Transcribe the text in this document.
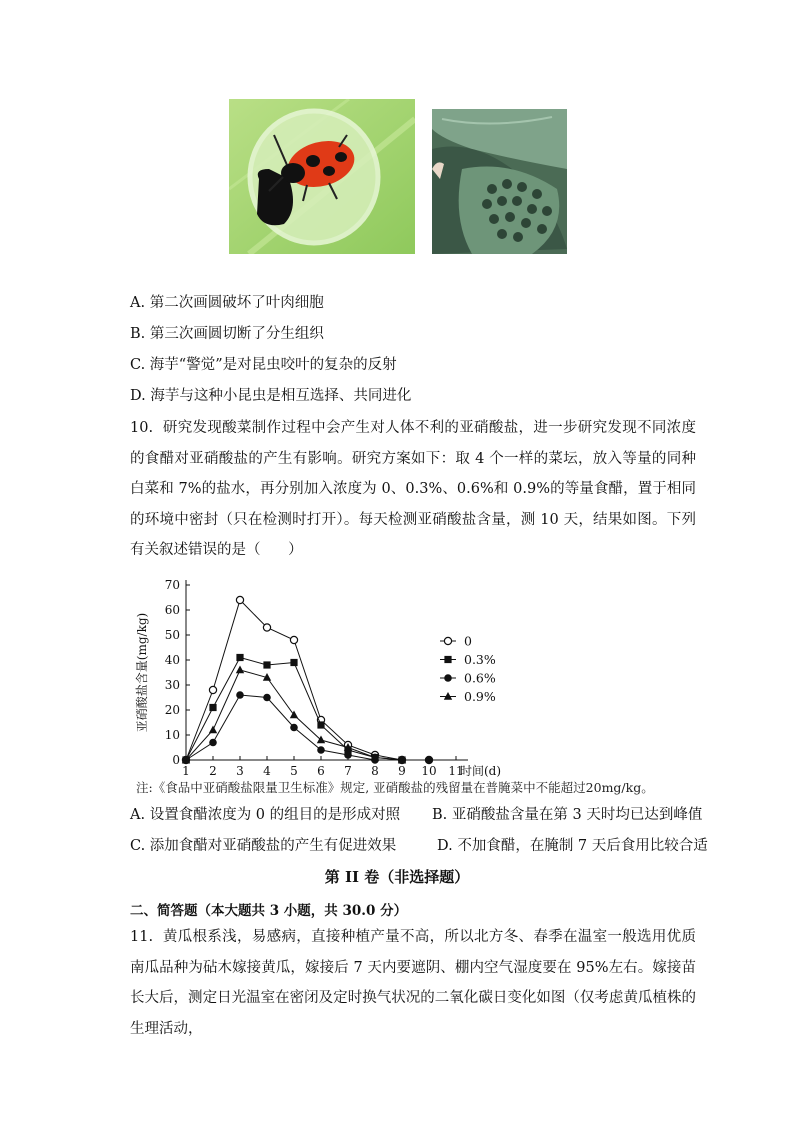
A. 第二次画圆破坏了叶肉细胞
B. 第三次画圆切断了分生组织
C. 海芋“警觉”是对昆虫咬叶的复杂的反射
D. 海芋与这种小昆虫是相互选择、共同进化
10.  研究发现酸菜制作过程中会产生对人体不利的亚硝酸盐，进一步研究发现不同浓度的食醋对亚硝酸盐的产生有影响。研究方案如下：取 4 个一样的菜坛，放入等量的同种白菜和 7%的盐水，再分别加入浓度为 0、0.3%、0.6%和 0.9%的等量食醋，置于相同的环境中密封（只在检测时打开）。每天检测亚硝酸盐含量，测 10 天，结果如图。下列有关叙述错误的是（      ）
0
10
20
30
40
50
60
70
1 2 3 4 5 6 7 8 9 10 11
时间(d)
亚硝酸盐含量(mg/kg)	0
0.3%
0.6%
0.9%
注:《食品中亚硝酸盐限量卫生标准》规定, 亚硝酸盐的残留量在普腌菜中不能超过20mg/kg。
A. 设置食醋浓度为 0 的组目的是形成对照 B. 亚硝酸盐含量在第 3 天时均已达到峰值
C. 添加食醋对亚硝酸盐的产生有促进效果	D. 不加食醋，在腌制 7 天后食用比较合适
第 II 卷（非选择题）
二、简答题（本大题共 3 小题，共 30.0 分）
11.  黄瓜根系浅，易感病，直接种植产量不高，所以北方冬、春季在温室一般选用优质南瓜品种为砧木嫁接黄瓜，嫁接后 7 天内要遮阴、棚内空气湿度要在 95%左右。嫁接苗长大后，测定日光温室在密闭及定时换气状况的二氧化碳日变化如图（仅考虑黄瓜植株的生理活动，
